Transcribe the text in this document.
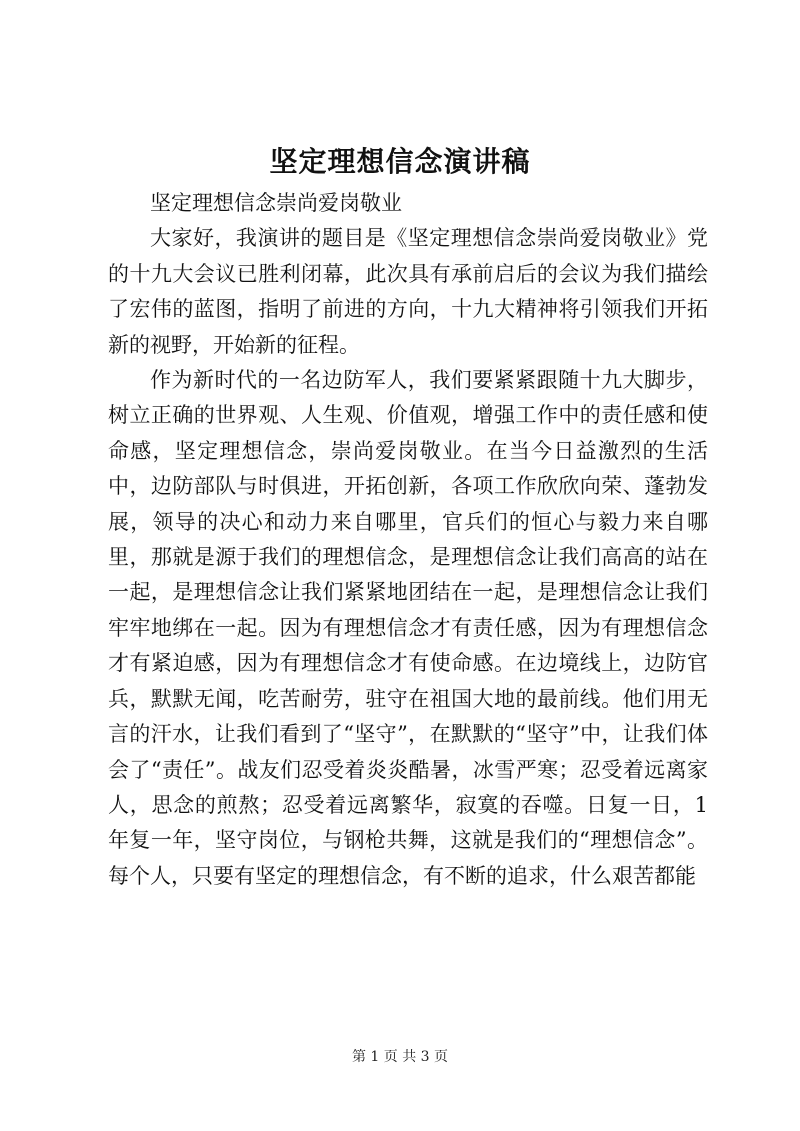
坚定理想信念演讲稿

坚定理想信念崇尚爱岗敬业

大家好，我演讲的题目是《坚定理想信念崇尚爱岗敬业》党的十九大会议已胜利闭幕，此次具有承前启后的会议为我们描绘了宏伟的蓝图，指明了前进的方向，十九大精神将引领我们开拓新的视野，开始新的征程。

作为新时代的一名边防军人，我们要紧紧跟随十九大脚步，树立正确的世界观、人生观、价值观，增强工作中的责任感和使命感，坚定理想信念，崇尚爱岗敬业。在当今日益激烈的生活中，边防部队与时俱进，开拓创新，各项工作欣欣向荣、蓬勃发展，领导的决心和动力来自哪里，官兵们的恒心与毅力来自哪里，那就是源于我们的理想信念，是理想信念让我们高高的站在一起，是理想信念让我们紧紧地团结在一起，是理想信念让我们牢牢地绑在一起。因为有理想信念才有责任感，因为有理想信念才有紧迫感，因为有理想信念才有使命感。在边境线上，边防官兵，默默无闻，吃苦耐劳，驻守在祖国大地的最前线。他们用无言的汗水，让我们看到了“坚守”，在默默的“坚守”中，让我们体会了“责任”。战友们忍受着炎炎酷暑，冰雪严寒；忍受着远离家人，思念的煎熬；忍受着远离繁华，寂寞的吞噬。日复一日，1年复一年，坚守岗位，与钢枪共舞，这就是我们的“理想信念”。每个人，只要有坚定的理想信念，有不断的追求，什么艰苦都能

第 1 页 共 3 页
